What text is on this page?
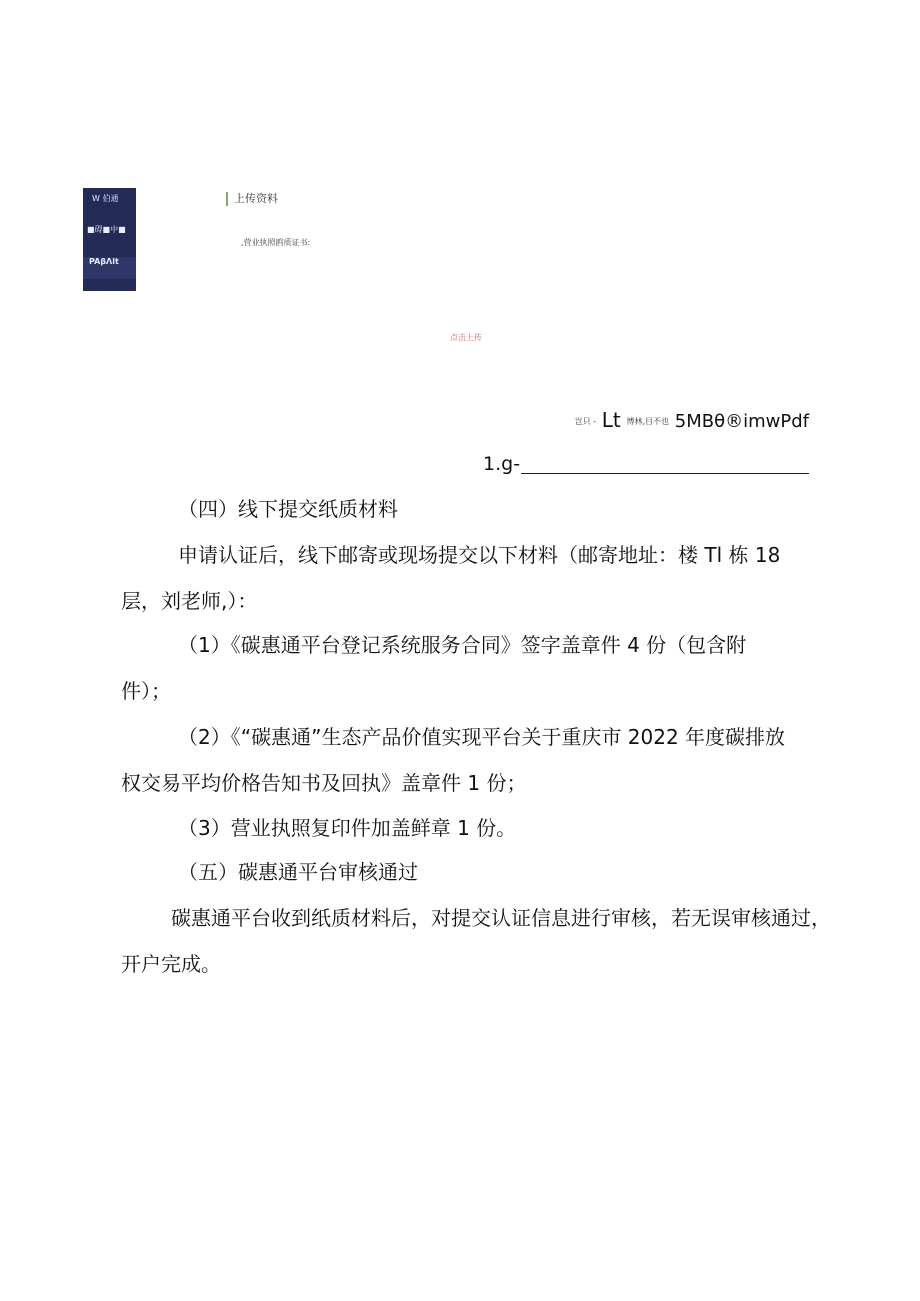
W 伯通
■碍■中■
PAβΛlt
上传资料
,营业执照鸥质证书:
点击上传
岂只 - Lt 博林,目不也 5MBθ®imwPdf
1.g-
（四）线下提交纸质材料
申请认证后，线下邮寄或现场提交以下材料（邮寄地址：楼 Tl 栋 18
层，刘老师,）：
（1）《碳惠通平台登记系统服务合同》签字盖章件 4 份（包含附
件）；
（2）《“碳惠通”生态产品价值实现平台关于重庆市 2022 年度碳排放
权交易平均价格告知书及回执》盖章件 1 份；
（3）营业执照复印件加盖鲜章 1 份。
（五）碳惠通平台审核通过
碳惠通平台收到纸质材料后，对提交认证信息进行审核，若无误审核通过，
开户完成。
